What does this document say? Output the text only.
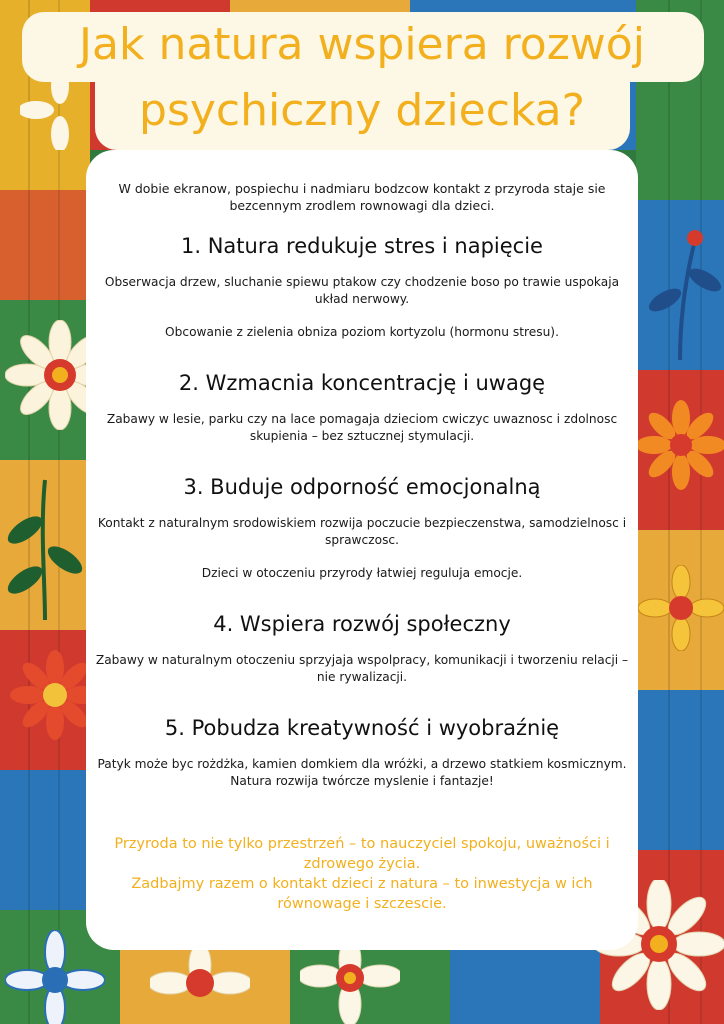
Jak natura wspiera rozwój
psychiczny dziecka?

W dobie ekranow, pospiechu i nadmiaru bodzcow kontakt z przyroda staje sie bezcennym zrodlem rownowagi dla dzieci.

1. Natura redukuje stres i napięcie

Obserwacja drzew, sluchanie spiewu ptakow czy chodzenie boso po trawie uspokaja układ nerwowy.

Obcowanie z zielenia obniza poziom kortyzolu (hormonu stresu).

2. Wzmacnia koncentrację i uwagę

Zabawy w lesie, parku czy na lace pomagaja dzieciom cwiczyc uwaznosc i zdolnosc skupienia – bez sztucznej stymulacji.

3. Buduje odporność emocjonalną

Kontakt z naturalnym srodowiskiem rozwija poczucie bezpieczenstwa, samodzielnosc i sprawczosc.

Dzieci w otoczeniu przyrody łatwiej reguluja emocje.

4. Wspiera rozwój społeczny

Zabawy w naturalnym otoczeniu sprzyjaja wspolpracy, komunikacji i tworzeniu relacji – nie rywalizacji.

5. Pobudza kreatywność i wyobraźnię

Patyk może byc rożdżka, kamien domkiem dla wróżki, a drzewo statkiem kosmicznym. Natura rozwija twórcze myslenie i fantazje!

Przyroda to nie tylko przestrzeń – to nauczyciel spokoju, uważności i zdrowego życia.

Zadbajmy razem o kontakt dzieci z natura – to inwestycja w ich równowage i szczescie.
